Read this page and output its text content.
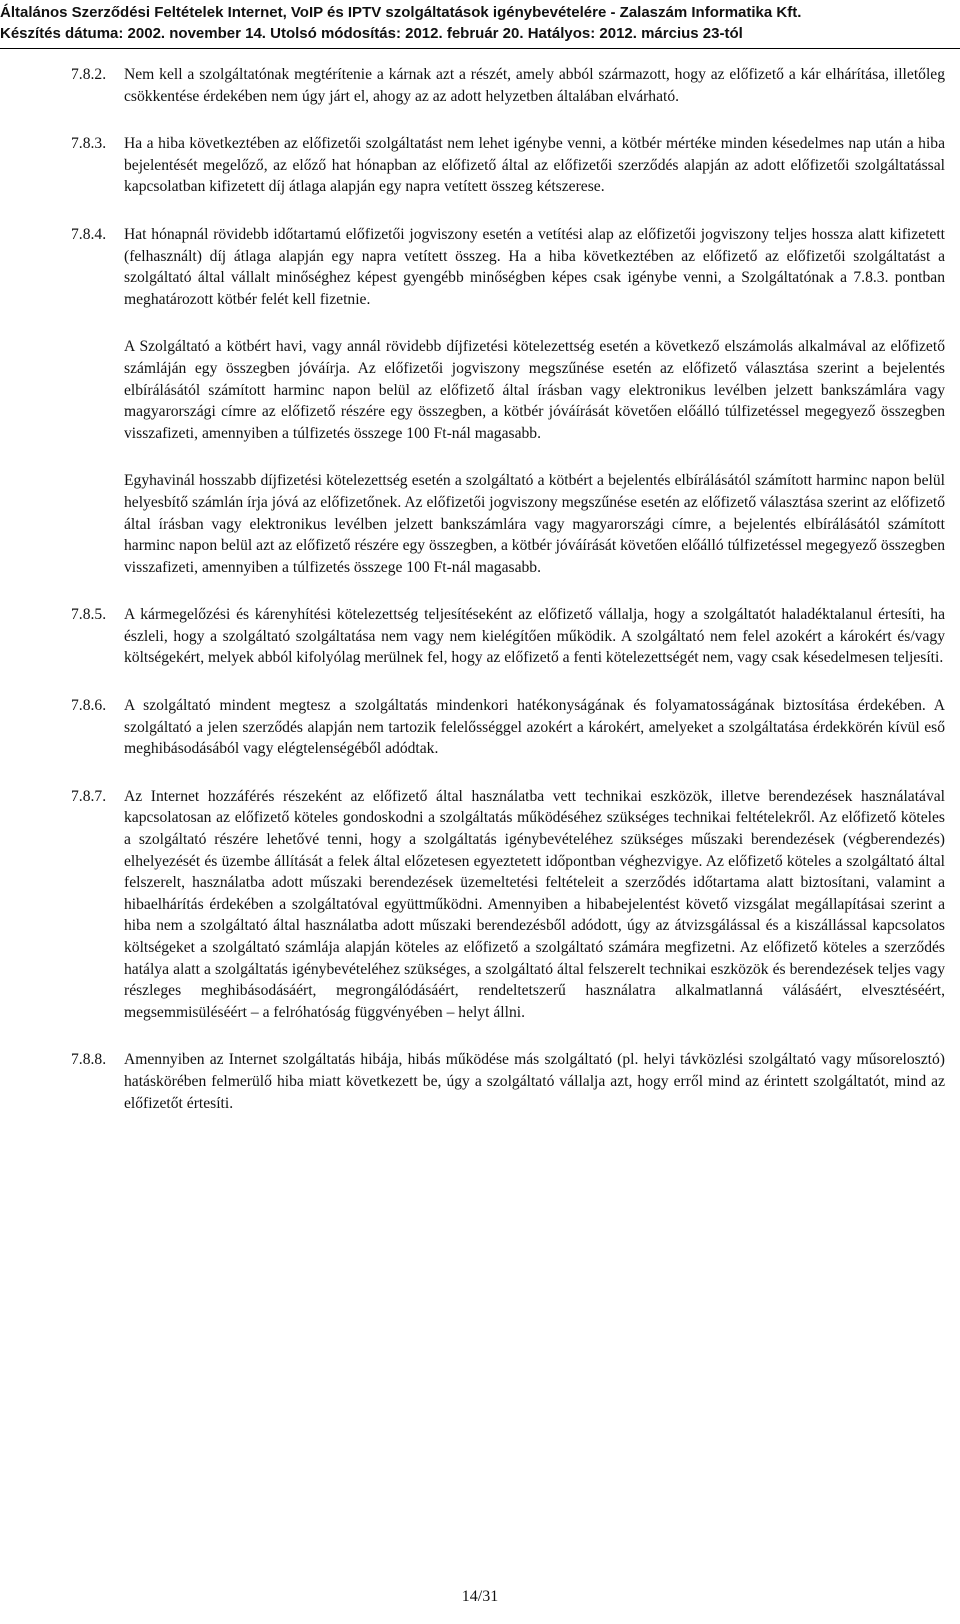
Általános Szerződési Feltételek Internet, VoIP és IPTV szolgáltatások igénybevételére - Zalaszám Informatika Kft.
Készítés dátuma: 2002. november 14. Utolsó módosítás: 2012. február 20. Hatályos: 2012. március 23-tól
7.8.2.	Nem kell a szolgáltatónak megtérítenie a kárnak azt a részét, amely abból származott, hogy az előfizető a kár elhárítása, illetőleg csökkentése érdekében nem úgy járt el, ahogy az az adott helyzetben általában elvárható.
7.8.3.	Ha a hiba következtében az előfizetői szolgáltatást nem lehet igénybe venni, a kötbér mértéke minden késedelmes nap után a hiba bejelentését megelőző, az előző hat hónapban az előfizető által az előfizetői szerződés alapján az adott előfizetői szolgáltatással kapcsolatban kifizetett díj átlaga alapján egy napra vetített összeg kétszerese.
7.8.4.	Hat hónapnál rövidebb időtartamú előfizetői jogviszony esetén a vetítési alap az előfizetői jogviszony teljes hossza alatt kifizetett (felhasznált) díj átlaga alapján egy napra vetített összeg. Ha a hiba következtében az előfizető az előfizetői szolgáltatást a szolgáltató által vállalt minőséghez képest gyengébb minőségben képes csak igénybe venni, a Szolgáltatónak a 7.8.3. pontban meghatározott kötbér felét kell fizetnie.
A Szolgáltató a kötbért havi, vagy annál rövidebb díjfizetési kötelezettség esetén a következő elszámolás alkalmával az előfizető számláján egy összegben jóváírja. Az előfizetői jogviszony megszűnése esetén az előfizető választása szerint a bejelentés elbírálásától számított harminc napon belül az előfizető által írásban vagy elektronikus levélben jelzett bankszámlára vagy magyarországi címre az előfizető részére egy összegben, a kötbér jóváírását követően előálló túlfizetéssel megegyező összegben visszafizeti, amennyiben a túlfizetés összege 100 Ft-nál magasabb.
Egyhavinál hosszabb díjfizetési kötelezettség esetén a szolgáltató a kötbért a bejelentés elbírálásától számított harminc napon belül helyesbítő számlán írja jóvá az előfizetőnek. Az előfizetői jogviszony megszűnése esetén az előfizető választása szerint az előfizető által írásban vagy elektronikus levélben jelzett bankszámlára vagy magyarországi címre, a bejelentés elbírálásától számított harminc napon belül azt az előfizető részére egy összegben, a kötbér jóváírását követően előálló túlfizetéssel megegyező összegben visszafizeti, amennyiben a túlfizetés összege 100 Ft-nál magasabb.
7.8.5.	A kármegelőzési és kárenyhítési kötelezettség teljesítéseként az előfizető vállalja, hogy a szolgáltatót haladéktalanul értesíti, ha észleli, hogy a szolgáltató szolgáltatása nem vagy nem kielégítően működik. A szolgáltató nem felel azokért a károkért és/vagy költségekért, melyek abból kifolyólag merülnek fel, hogy az előfizető a fenti kötelezettségét nem, vagy csak késedelmesen teljesíti.
7.8.6.	A szolgáltató mindent megtesz a szolgáltatás mindenkori hatékonyságának és folyamatosságának biztosítása érdekében. A szolgáltató a jelen szerződés alapján nem tartozik felelősséggel azokért a károkért, amelyeket a szolgáltatása érdekkörén kívül eső meghibásodásából vagy elégtelenségéből adódtak.
7.8.7.	Az Internet hozzáférés részeként az előfizető által használatba vett technikai eszközök, illetve berendezések használatával kapcsolatosan az előfizető köteles gondoskodni a szolgáltatás működéséhez szükséges technikai feltételekről. Az előfizető köteles a szolgáltató részére lehetővé tenni, hogy a szolgáltatás igénybevételéhez szükséges műszaki berendezések (végberendezés) elhelyezését és üzembe állítását a felek által előzetesen egyeztetett időpontban véghezvigye. Az előfizető köteles a szolgáltató által felszerelt, használatba adott műszaki berendezések üzemeltetési feltételeit a szerződés időtartama alatt biztosítani, valamint a hibaelhárítás érdekében a szolgáltatóval együttműködni. Amennyiben a hibabejelentést követő vizsgálat megállapításai szerint a hiba nem a szolgáltató által használatba adott műszaki berendezésből adódott, úgy az átvizsgálással és a kiszállással kapcsolatos költségeket a szolgáltató számlája alapján köteles az előfizető a szolgáltató számára megfizetni. Az előfizető köteles a szerződés hatálya alatt a szolgáltatás igénybevételéhez szükséges, a szolgáltató által felszerelt technikai eszközök és berendezések teljes vagy részleges meghibásodásáért, megrongálódásáért, rendeltetszerű használatra alkalmatlanná válásáért, elvesztéséért, megsemmisüléséért – a felróhatóság függvényében – helyt állni.
7.8.8.	Amennyiben az Internet szolgáltatás hibája, hibás működése más szolgáltató (pl. helyi távközlési szolgáltató vagy műsorelosztó) hatáskörében felmerülő hiba miatt következett be, úgy a szolgáltató vállalja azt, hogy erről mind az érintett szolgáltatót, mind az előfizetőt értesíti.
14/31
